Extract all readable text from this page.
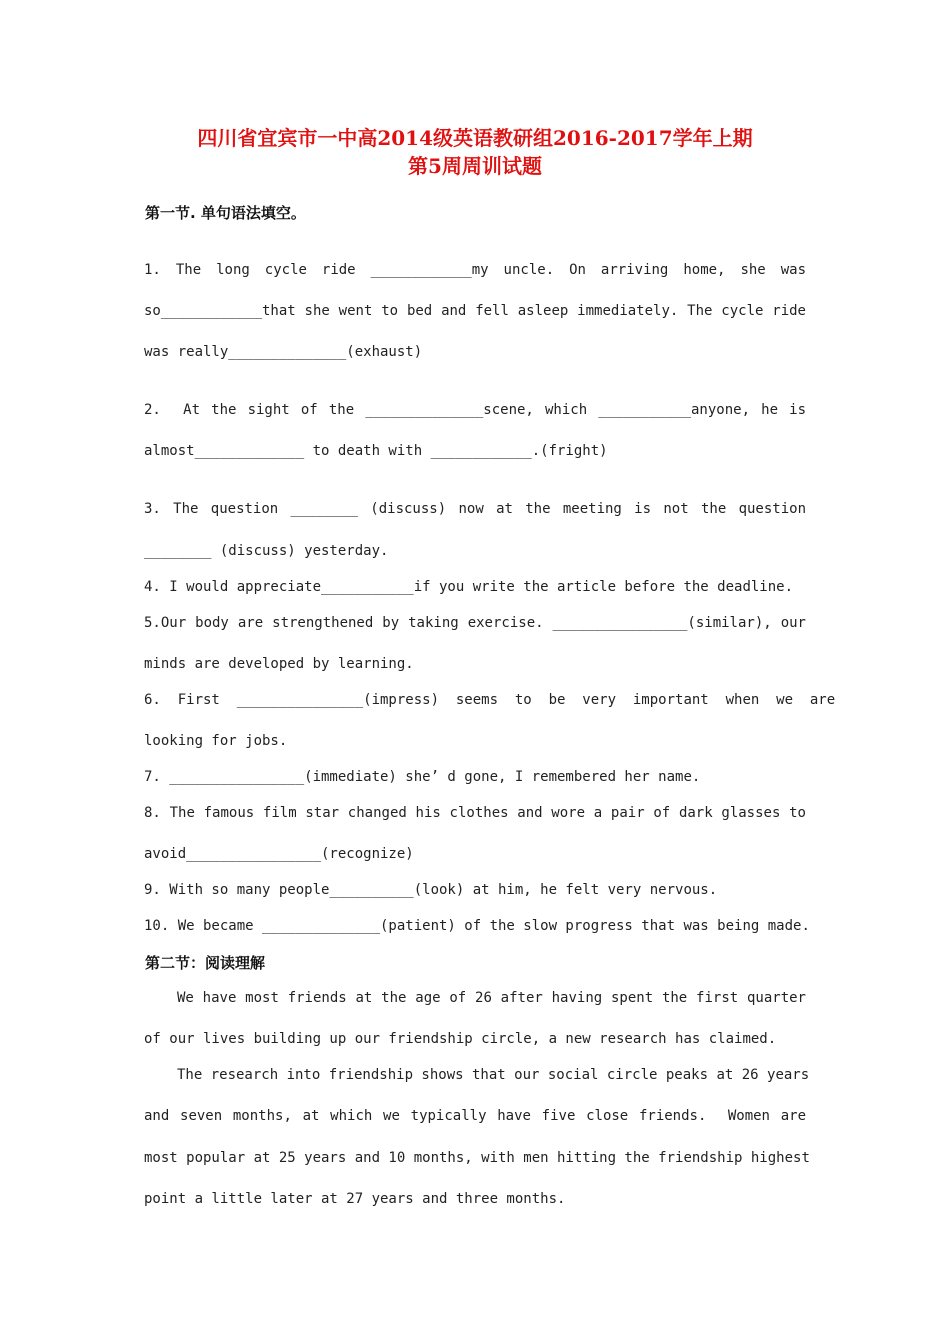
四川省宜宾市一中高2014级英语教研组2016-2017学年上期
第5周周训试题
第一节. 单句语法填空。
1. The long cycle ride ____________my uncle. On arriving home, she was
so____________that she went to bed and fell asleep immediately. The cycle ride
was really______________(exhaust)
2.  At the sight of the ______________scene, which ___________anyone, he is
almost_____________ to death with ____________.(fright)
3. The question ________ (discuss) now at the meeting is not the question
________ (discuss) yesterday.
4. I would appreciate___________if you write the article before the deadline.
5.Our body are strengthened by taking exercise. ________________(similar), our
minds are developed by learning.
6.  First  _______________(impress)  seems  to  be  very  important  when  we  are
looking for jobs.
7. ________________(immediate) she’ d gone, I remembered her name.
8. The famous film star changed his clothes and wore a pair of dark glasses to
avoid________________(recognize)
9. With so many people__________(look) at him, he felt very nervous.
10. We became ______________(patient) of the slow progress that was being made.
第二节：阅读理解
We have most friends at the age of 26 after having spent the first quarter
of our lives building up our friendship circle, a new research has claimed.
The research into friendship shows that our social circle peaks at 26 years
and seven months, at which we typically have five close friends.  Women are
most popular at 25 years and 10 months, with men hitting the friendship highest
point a little later at 27 years and three months.
